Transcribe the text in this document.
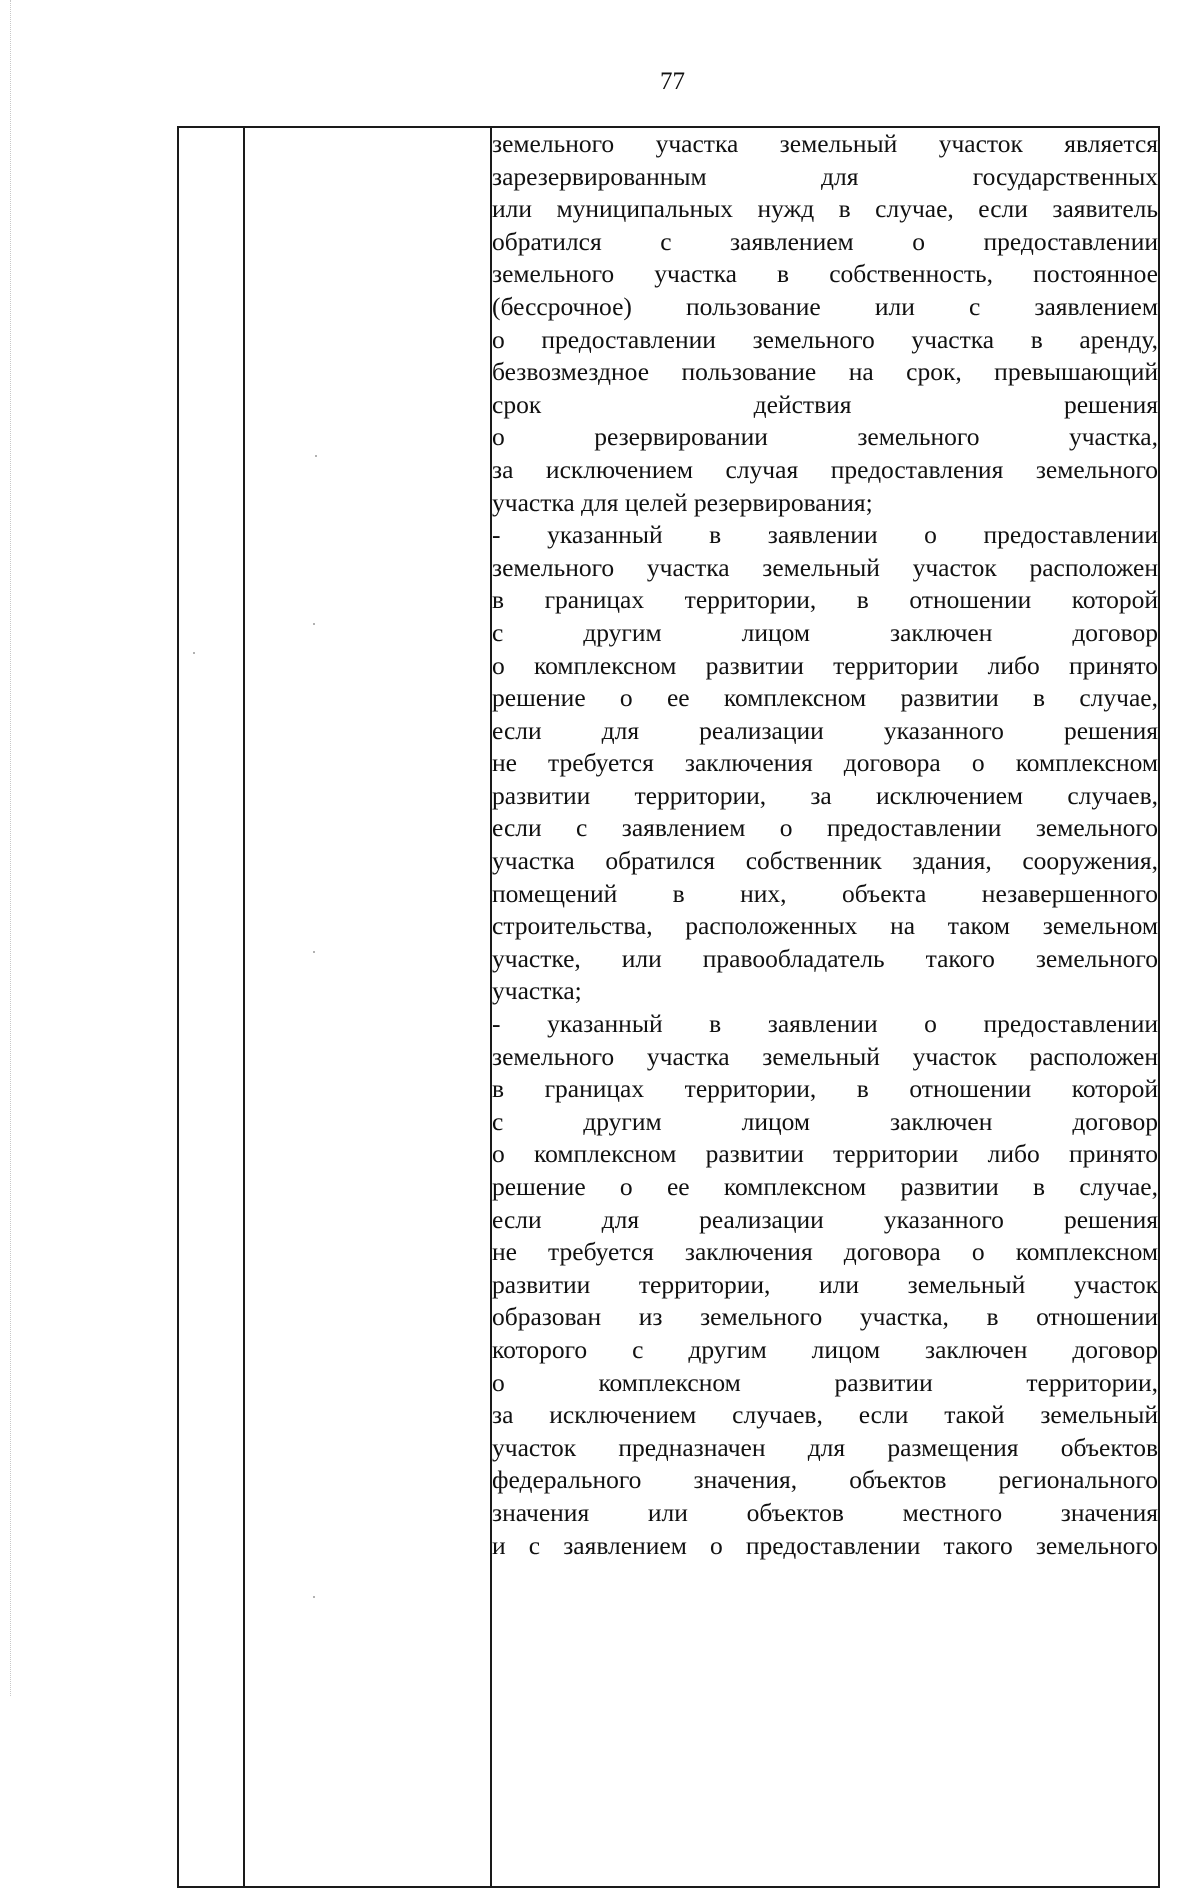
77

земельного участка земельный участок является
зарезервированным для государственных
или муниципальных нужд в случае, если заявитель
обратился с заявлением о предоставлении
земельного участка в собственность, постоянное
(бессрочное) пользование или с заявлением
о предоставлении земельного участка в аренду,
безвозмездное пользование на срок, превышающий
срок действия решения
о резервировании земельного участка,
за исключением случая предоставления земельного
участка для целей резервирования;
- указанный в заявлении о предоставлении
земельного участка земельный участок расположен
в границах территории, в отношении которой
с другим лицом заключен договор
о комплексном развитии территории либо принято
решение о ее комплексном развитии в случае,
если для реализации указанного решения
не требуется заключения договора о комплексном
развитии территории, за исключением случаев,
если с заявлением о предоставлении земельного
участка обратился собственник здания, сооружения,
помещений в них, объекта незавершенного
строительства, расположенных на таком земельном
участке, или правообладатель такого земельного
участка;
- указанный в заявлении о предоставлении
земельного участка земельный участок расположен
в границах территории, в отношении которой
с другим лицом заключен договор
о комплексном развитии территории либо принято
решение о ее комплексном развитии в случае,
если для реализации указанного решения
не требуется заключения договора о комплексном
развитии территории, или земельный участок
образован из земельного участка, в отношении
которого с другим лицом заключен договор
о комплексном развитии территории,
за исключением случаев, если такой земельный
участок предназначен для размещения объектов
федерального значения, объектов регионального
значения или объектов местного значения
и с заявлением о предоставлении такого земельного
